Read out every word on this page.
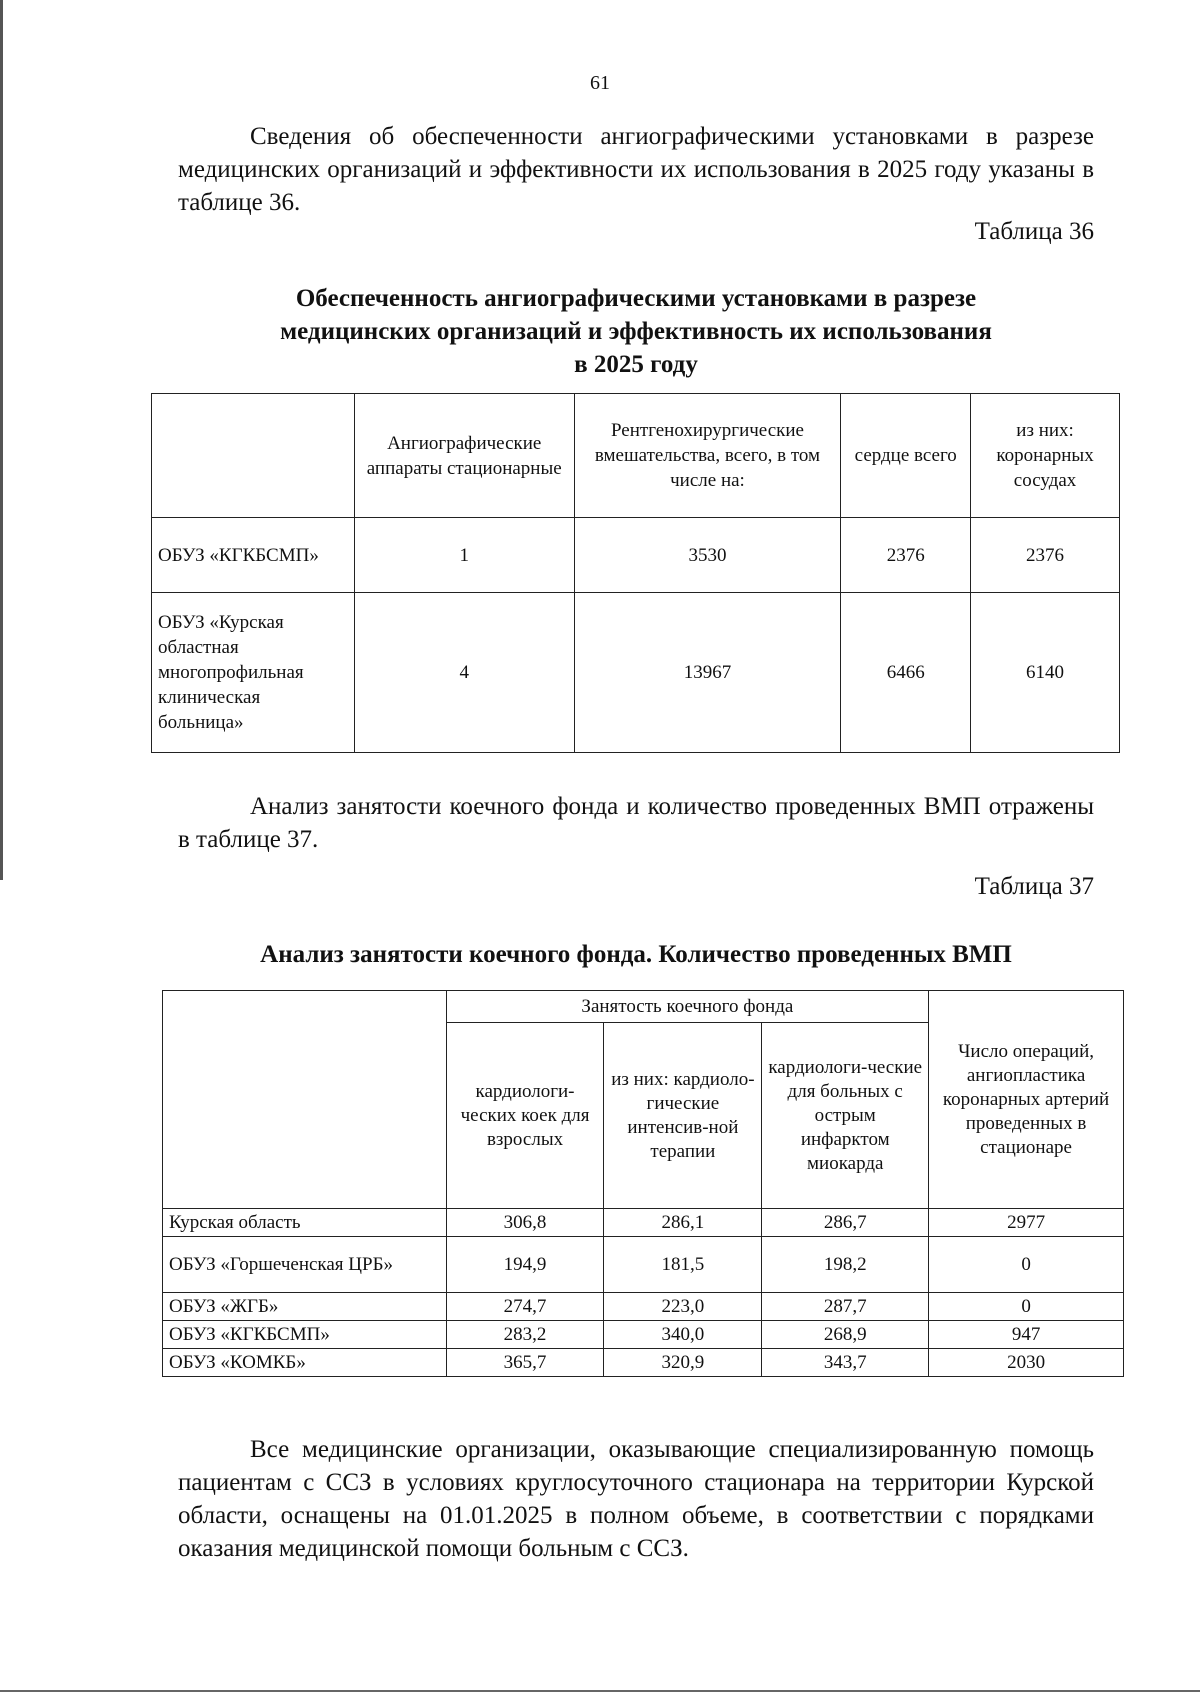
61

Сведения об обеспеченности ангиографическими установками в разрезе медицинских организаций и эффективности их использования в 2025 году указаны в таблице 36.

Таблица 36
Обеспеченность ангиографическими установками в разрезе
медицинских организаций и эффективность их использования
в 2025 году
	Ангиографические аппараты стационарные	Рентгенохирургические вмешательства, всего, в том числе на:	сердце всего	из них: коронарных сосудах
ОБУЗ «КГКБСМП»	1	3530	2376	2376
ОБУЗ «Курская областная многопрофильная клиническая больница»	4	13967	6466	6140

Анализ занятости коечного фонда и количество проведенных ВМП отражены в таблице 37.

Таблица 37
Анализ занятости коечного фонда. Количество проведенных ВМП
	Занятость коечного фонда			Число операций, ангиопластика коронарных артерий проведенных в стационаре
	кардиологи-ческих коек для взрослых	из них: кардиоло-гические интенсив-ной терапии	кардиологи-ческие для больных с острым инфарктом миокарда	
Курская область	306,8	286,1	286,7	2977
ОБУЗ «Горшеченская ЦРБ»	194,9	181,5	198,2	0
ОБУЗ «ЖГБ»	274,7	223,0	287,7	0
ОБУЗ «КГКБСМП»	283,2	340,0	268,9	947
ОБУЗ «КОМКБ»	365,7	320,9	343,7	2030

Все медицинские организации, оказывающие специализированную помощь пациентам с ССЗ в условиях круглосуточного стационара на территории Курской области, оснащены на 01.01.2025 в полном объеме, в соответствии с порядками оказания медицинской помощи больным с ССЗ.
